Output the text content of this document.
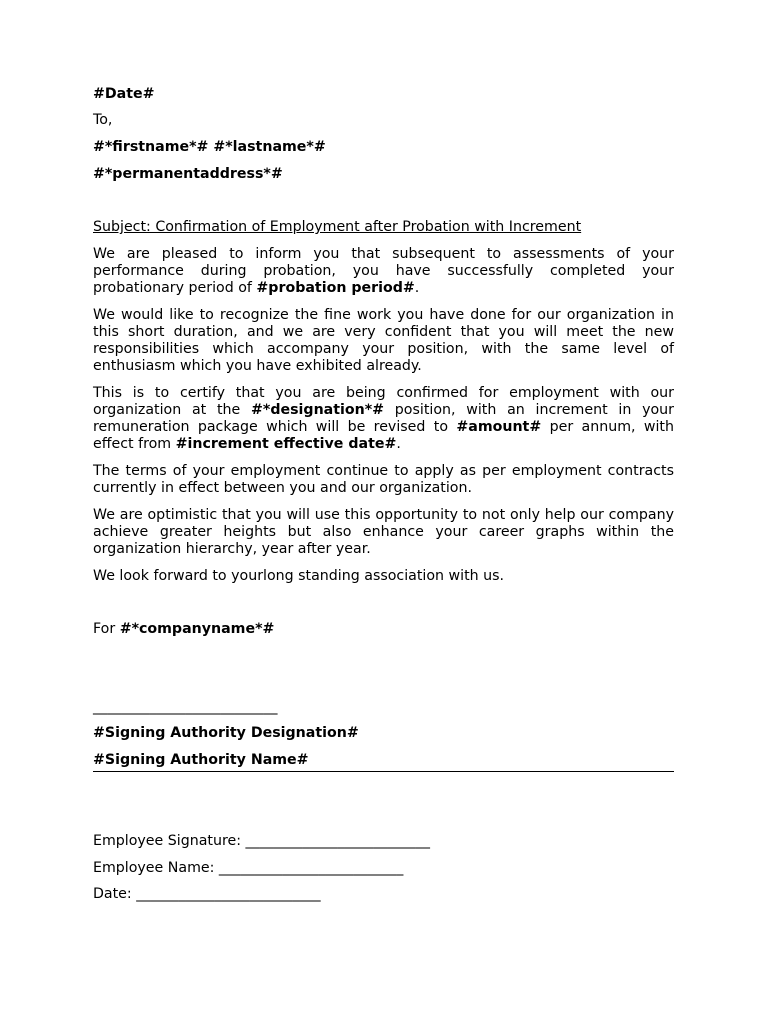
#Date#

To,

#*firstname*# #*lastname*#

#*permanentaddress*#

Subject: Confirmation of Employment after Probation with Increment

We are pleased to inform you that subsequent to assessments of your performance during probation, you have successfully completed your probationary period of #probation period#.

We would like to recognize the fine work you have done for our organization in this short duration, and we are very confident that you will meet the new responsibilities which accompany your position, with the same level of enthusiasm which you have exhibited already.

This is to certify that you are being confirmed for employment with our organization at the #*designation*# position, with an increment in your remuneration package which will be revised to #amount# per annum, with effect from #increment effective date#.

The terms of your employment continue to apply as per employment contracts currently in effect between you and our organization.

We are optimistic that you will use this opportunity to not only help our company achieve greater heights but also enhance your career graphs within the organization hierarchy, year after year.

We look forward to yourlong standing association with us.

For #*companyname*#

__________________________

#Signing Authority Designation#

#Signing Authority Name#

Employee Signature: __________________________

Employee Name: __________________________

Date: __________________________
